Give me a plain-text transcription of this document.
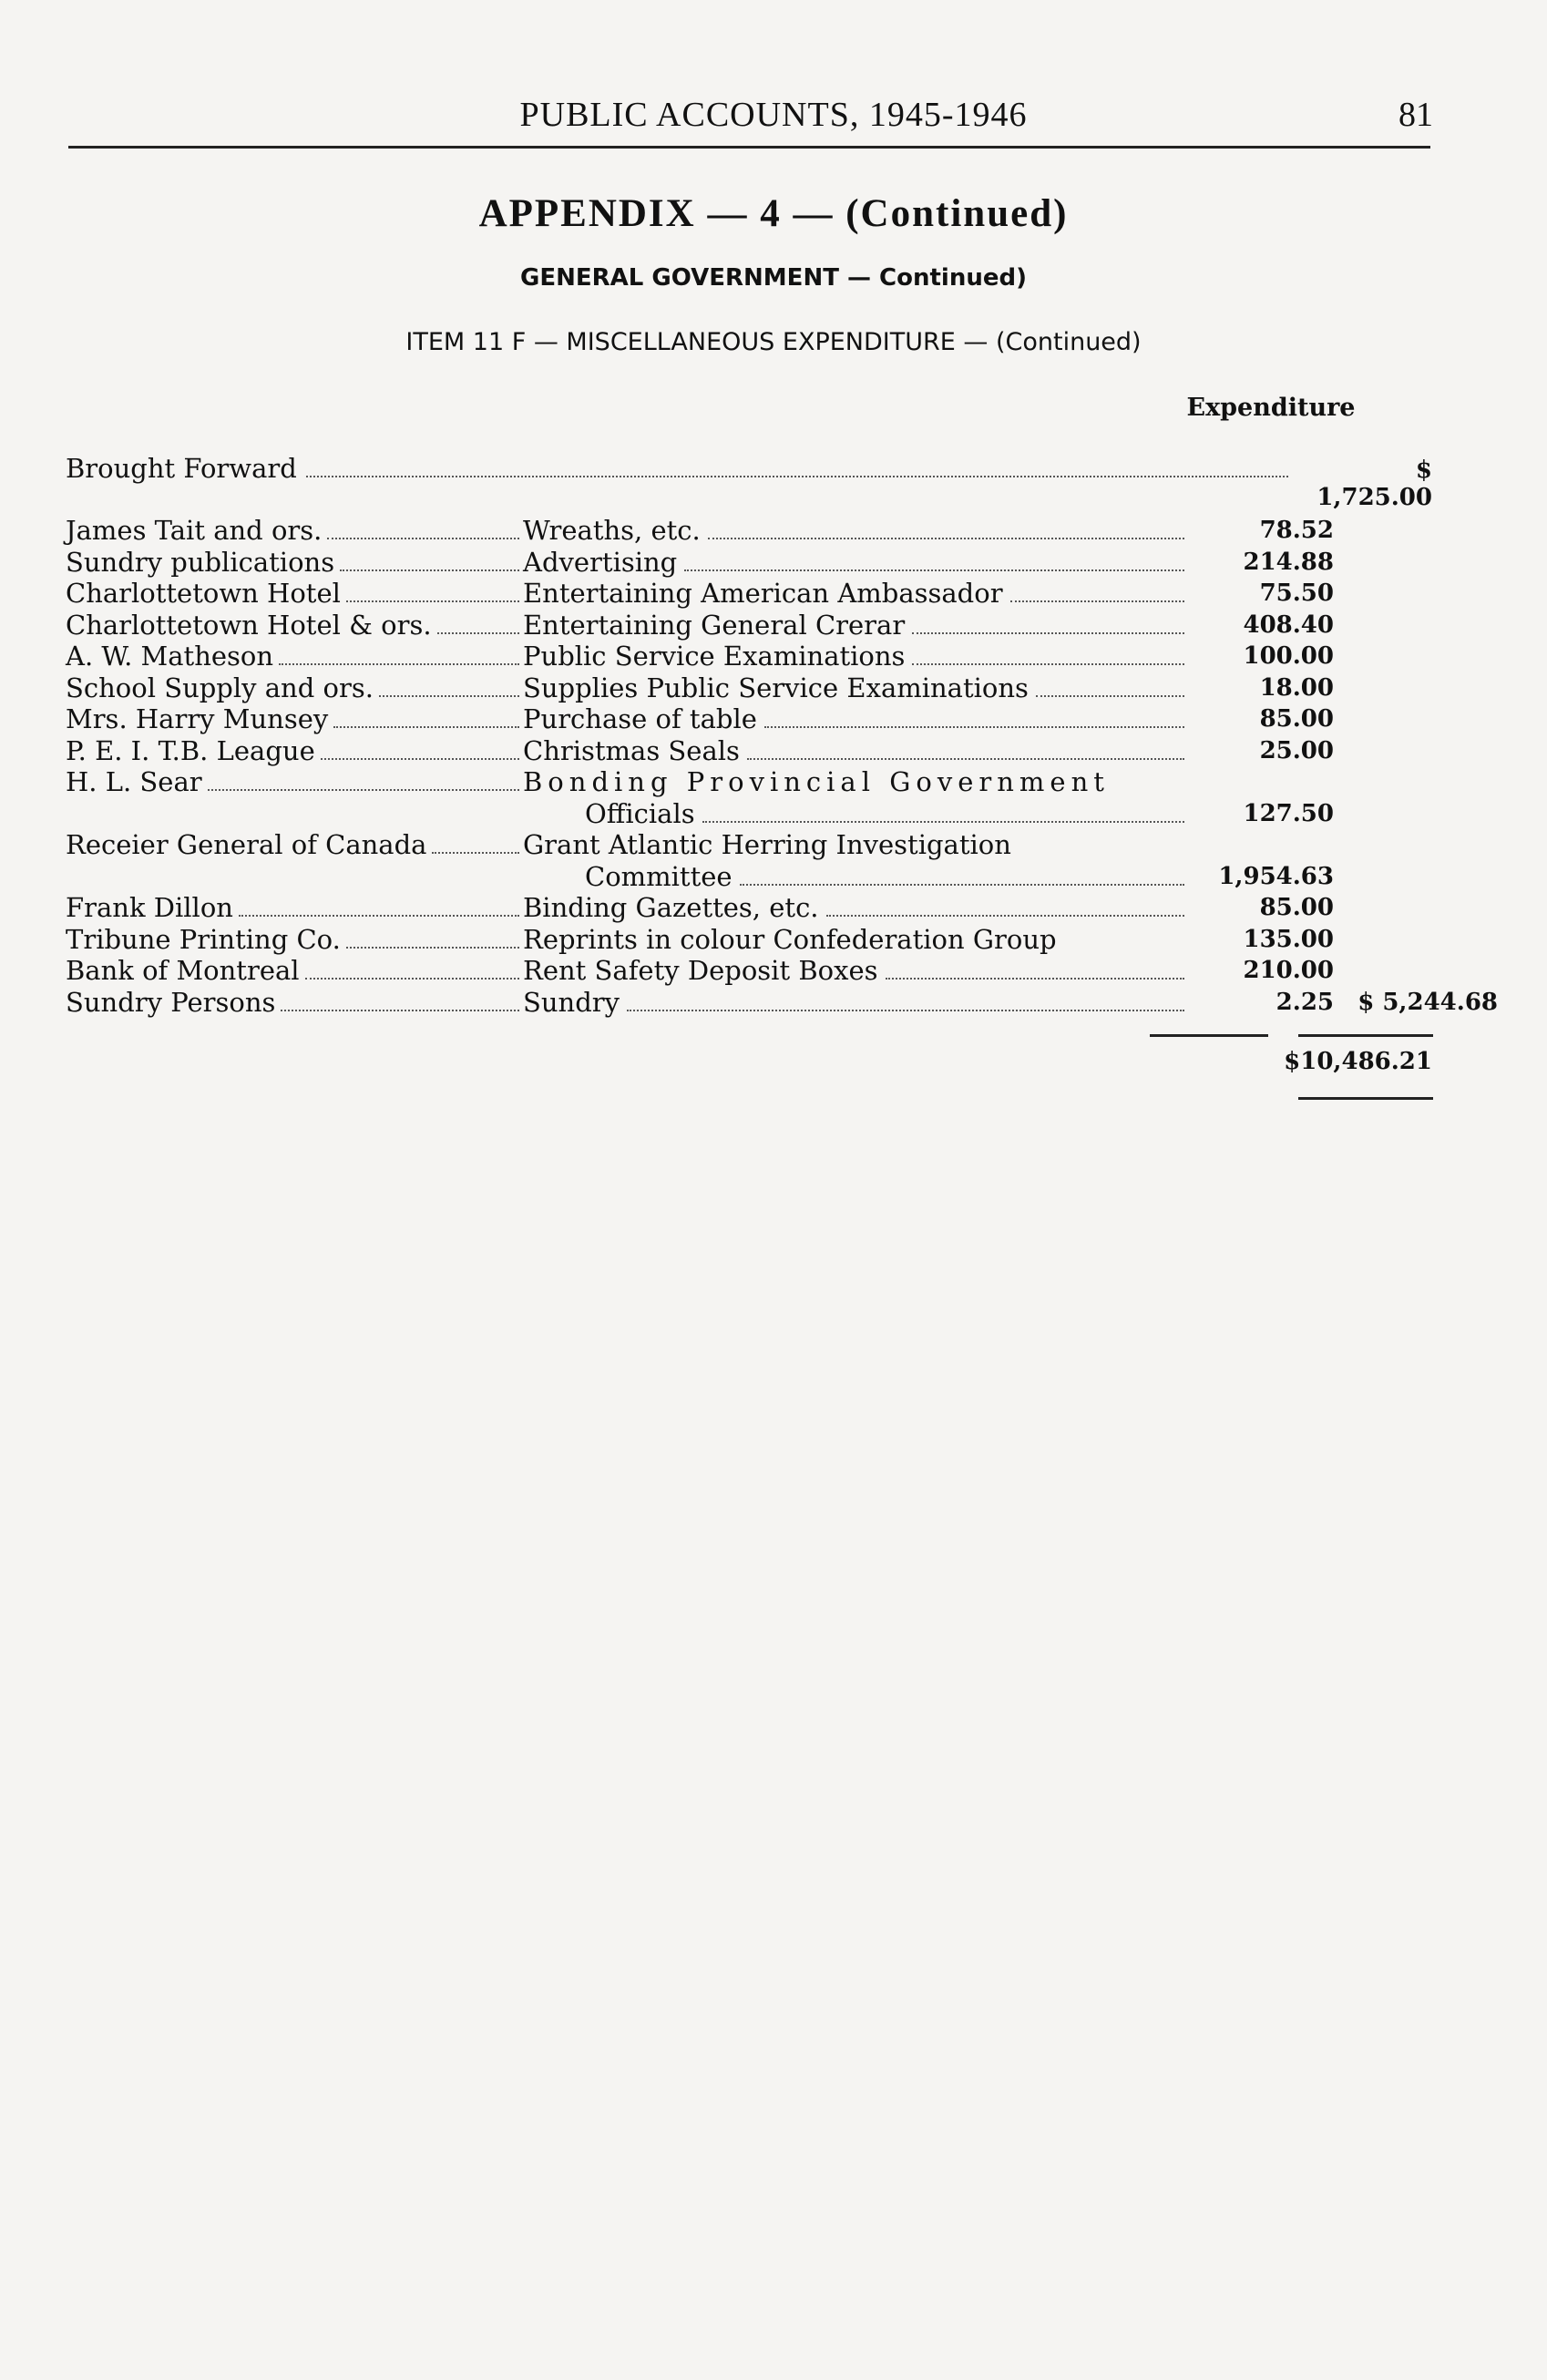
PUBLIC ACCOUNTS, 1945-1946	81
APPENDIX — 4 — (Continued)
GENERAL GOVERNMENT — Continued)
ITEM 11 F — MISCELLANEOUS EXPENDITURE — (Continued)
Expenditure
Brought Forward	$ 1,725.00
James Tait and ors.	Wreaths, etc.	78.52
Sundry publications	Advertising	214.88
Charlottetown Hotel	Entertaining American Ambassador	75.50
Charlottetown Hotel & ors.	Entertaining General Crerar	408.40
A. W. Matheson	Public Service Examinations	100.00
School Supply and ors.	Supplies Public Service Examinations	18.00
Mrs. Harry Munsey	Purchase of table	85.00
P. E. I. T.B. League	Christmas Seals	25.00
H. L. Sear	Bonding Provincial Government
Officials	127.50
Receier General of Canada	Grant Atlantic Herring Investigation
Committee	1,954.63
Frank Dillon	Binding Gazettes, etc.	85.00
Tribune Printing Co.	Reprints in colour Confederation Group	135.00
Bank of Montreal	Rent Safety Deposit Boxes	210.00
Sundry Persons	Sundry	2.25	$ 5,244.68
$10,486.21
